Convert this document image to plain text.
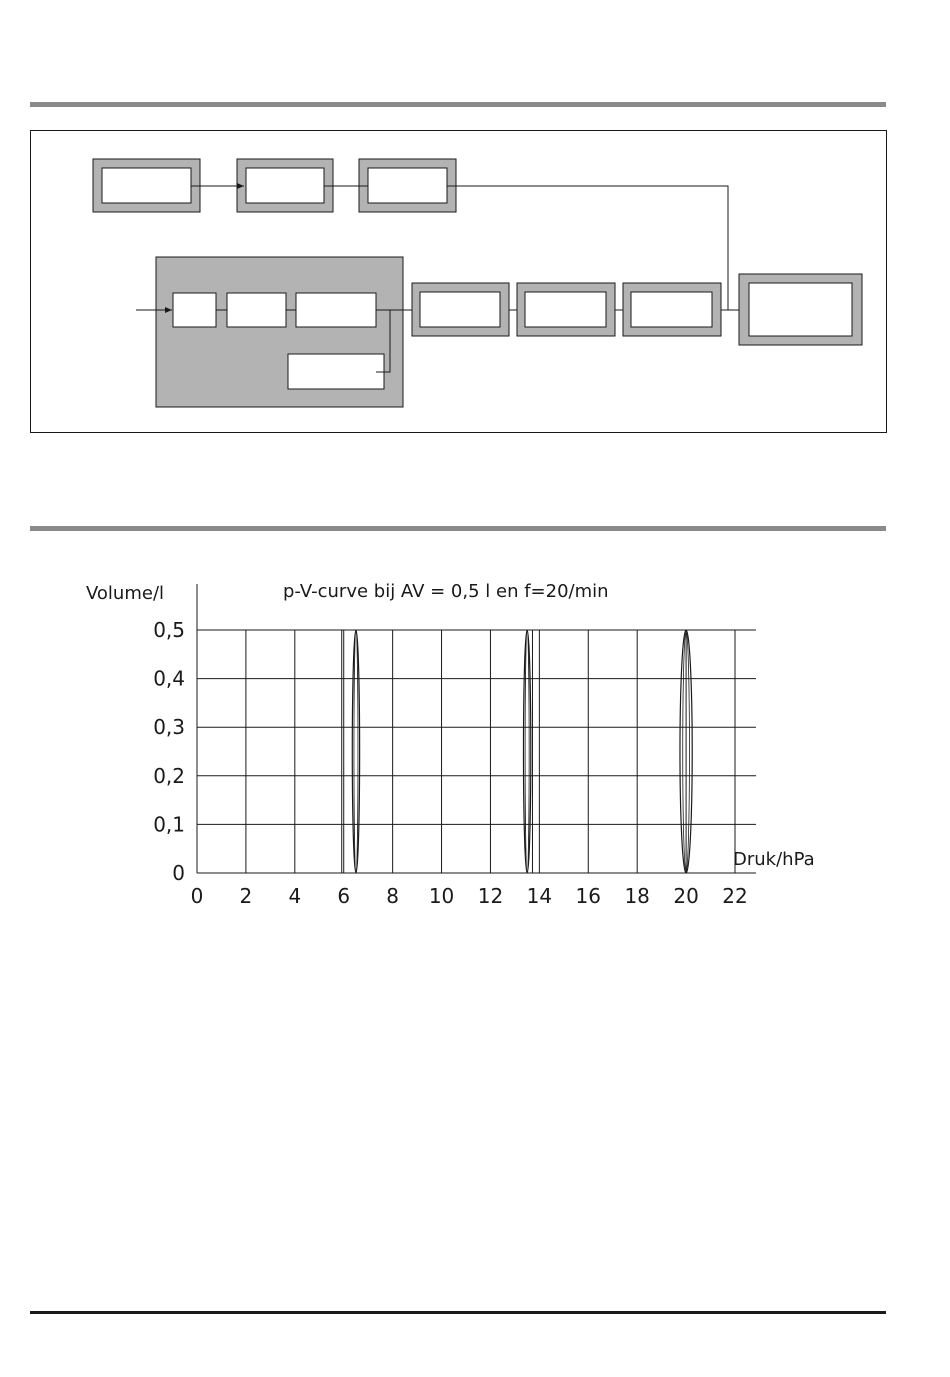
0
0,1
0,2
0,3
0,4
0,5
0 2 4 6 8 10 12 14 16 18 20 22
p-V-curve bij AV = 0,5 l en f=20/min
Volume/l
Druk/hPa
